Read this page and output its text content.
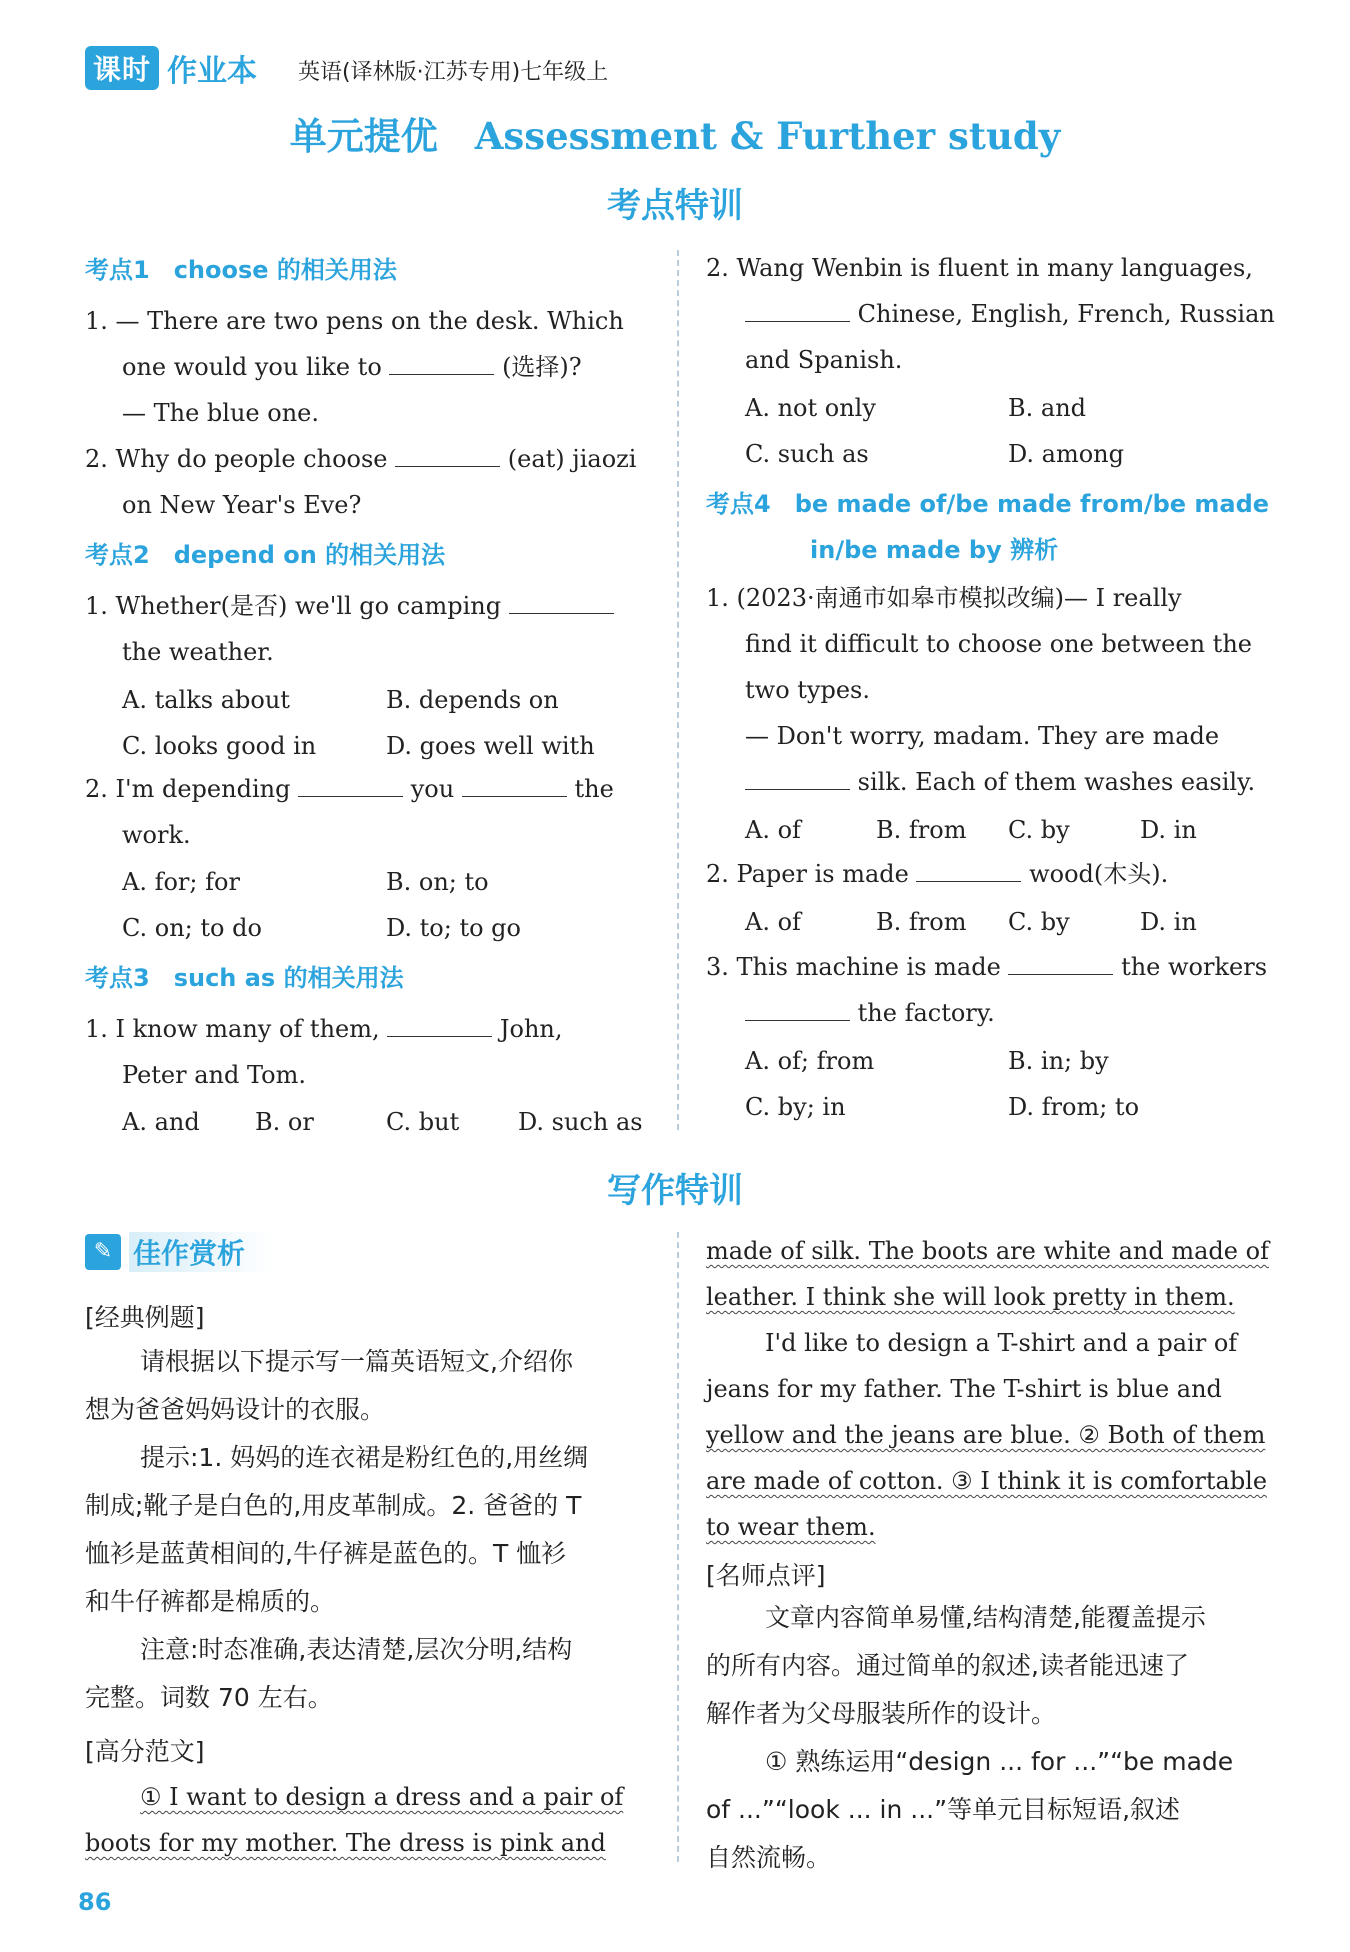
课时 作业本 英语(译林版·江苏专用)七年级上
单元提优　Assessment & Further study
考点特训
考点1　choose 的相关用法
1. — There are two pens on the desk. Which
one would you like to	(选择)?
— The blue one.
2. Why do people choose	(eat) jiaozi
on New Year's Eve?
考点2　depend on 的相关用法
1. Whether(是否) we'll go camping
the weather.
A. talks about	B. depends on
C. looks good in	D. goes well with
2. I'm depending	you	the
work.
A. for; for	B. on; to
C. on; to do	D. to; to go
考点3　such as 的相关用法
1. I know many of them,	John,
Peter and Tom.
A. and B. or	C. but D. such as
2. Wang Wenbin is fluent in many languages,
Chinese, English, French, Russian
and Spanish.
A. not only	B. and
C. such as	D. among
考点4　be made of/be made from/be made
in/be made by 辨析
1. (2023·南通市如皋市模拟改编)— I really
find it difficult to choose one between the
two types.
— Don't worry, madam. They are made
silk. Each of them washes easily.
A. of	B. from C. by	D. in
2. Paper is made	wood(木头).
A. of	B. from C. by	D. in
3. This machine is made	the workers
the factory.
A. of; from	B. in; by
C. by; in	D. from; to
写作特训
✎ 佳作赏析
[经典例题]
请根据以下提示写一篇英语短文,介绍你
想为爸爸妈妈设计的衣服。
提示:1. 妈妈的连衣裙是粉红色的,用丝绸
制成;靴子是白色的,用皮革制成。2. 爸爸的 T
恤衫是蓝黄相间的,牛仔裤是蓝色的。T 恤衫
和牛仔裤都是棉质的。
注意:时态准确,表达清楚,层次分明,结构
完整。词数 70 左右。
[高分范文]
① I want to design a dress and a pair of
boots for my mother. The dress is pink and
made of silk. The boots are white and made of
leather. I think she will look pretty in them.
I'd like to design a T-shirt and a pair of
jeans for my father. The T-shirt is blue and
yellow and the jeans are blue. ② Both of them
are made of cotton. ③ I think it is comfortable
to wear them.
[名师点评]
文章内容简单易懂,结构清楚,能覆盖提示
的所有内容。通过简单的叙述,读者能迅速了
解作者为父母服装所作的设计。
① 熟练运用“design ... for ...”“be made
of ...”“look ... in ...”等单元目标短语,叙述
自然流畅。
86
